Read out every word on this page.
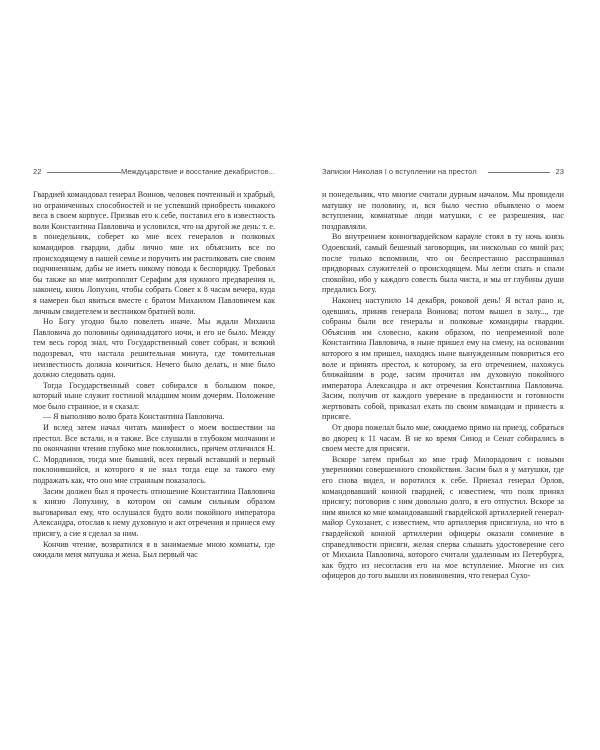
22	Междуцарствие и восстание декабристов...

Гвардией командовал генерал Воинов, человек почтенный и храбрый, но ограниченных способностей и не успевший приобресть никакого веса в своем корпусе. Призвав его к себе, поставил его в известность воли Константина Павловича и условился, что на другой же день: т. е. в понедельник, соберет ко мне всех генералов и полковых командиров гвардии, дабы лично мне их объяснить все по происходящему в нашей семье и поручить им растолковать сие своим подчиненным, дабы не иметь никому повода к беспорядку. Требовал бы также ко мне митрополит Серафим для нужного предварения и, наконец, князь Лопухин, чтобы собрать Совет к 8 часам вечера, куда я намерен был явиться вместе с братом Михаилом Павловичем как личным свидетелем и вестником братней воли.

Но Богу угодно было повелеть иначе. Мы ждали Михаила Павловича до половины одиннадцатого ночи, и его не было. Между тем весь город знал, что Государственный совет собран, и всякий подозревал, что настала решительная минута, где томительная неизвестность должна кончиться. Нечего было делать, и мне было должно следовать один.

Тогда Государственный совет собирался в большом покое, который ныне служит гостиной младшим моим дочерям. Положение мое было странное, и я сказал:

— Я выполняю волю брата Константина Павловича.

И вслед затем начал читать манифест о моем восшествии на престол. Все встали, и я также. Все слушали в глубоком молчании и по окончании чтения глубоко мне поклонились, причем отличился Н. С. Мордвинов, тогда мне бывший, всех первый вставший и первый поклонившийся, и которого я не знал тогда еще за такого ему подражать как, что оно мне странным показалось.

Засим должен был я прочесть отношение Константина Павловича к князю Лопухину, в котором он самым сильным образом выговаривал ему, что ослушался будто воли покойного императора Александра, отослав к нему духовную и акт отречения и принеся ему присягу, а сие я сделал за ним.

Кончив чтение, возвратился я в занимаемые мною комнаты, где ожидали меня матушка и жена. Был первый час

Записки Николая I о вступлении на престол	23

и понедельник, что многие считали дурным началом. Мы провидели матушку не половину, и, вся было честно объявлено о моем вступлении, комнатные люди матушки, с ее разрешения, нас поздравляли.

Во внутреннем конногвардейском карауле стоял в ту ночь князь Одоевский, самый бешеный заговорщик, ни нисколько со мной раз; после только вспомнили, что он беспрестанно расспрашивал придворных служителей о происходящем. Мы легли спать и спали спокойно, ибо у каждого совесть была чиста, и мы от глубины души предались Богу.

Наконец наступило 14 декабря, роковой день! Я встал рано и, одевшись, приняв генерала Воинова; потом вышел в залу..., где собраны были все генералы и полковые командиры гвардии. Объяснив им словесно, каким образом, по непременной воле Константина Павловича, я ныне пришел ему на смену, на основании которого я им пришел, находясь ныне вынужденным покориться его воле и принять престол, к которому, за его отречением, нахожусь ближайшим в роде, засим прочитал им духовную покойного императора Александра и акт отречения Константина Павловича. Засим, получив от каждого уверение в преданности и готовности жертвовать собой, приказал ехать по своим командам и принесть к присяге.

От двора пожелал было мне, ожидаемо прямо на приезд, собраться во дворец к 11 часам. В не ко время Синод и Сенат собирались в своем месте для присяги.

Вскоре затем прибыл ко мне граф Милорадович с новыми уверениями совершенного спокойствия. Засим был я у матушки, где его снова видел, и воротился к себе. Приехал генерал Орлов, командовавший конной гвардией, с известием, что полк принял присягу; поговорив с ним довольно долго, я его отпустил. Вскоре за ним явился ко мне командовавший гвардейской артиллерией генерал-майор Сухозанет, с известием, что артиллерия присягнула, но что в гвардейской конной артиллерии офицеры оказали сомнение в справедливости присяги, желая сперва слышать удостоверение сего от Михаила Павловича, которого считали удаленным из Петербурга, как будто из несогласия его на мое вступление. Многие из сих офицеров до того вышли из повиновения, что генерал Сухо-
